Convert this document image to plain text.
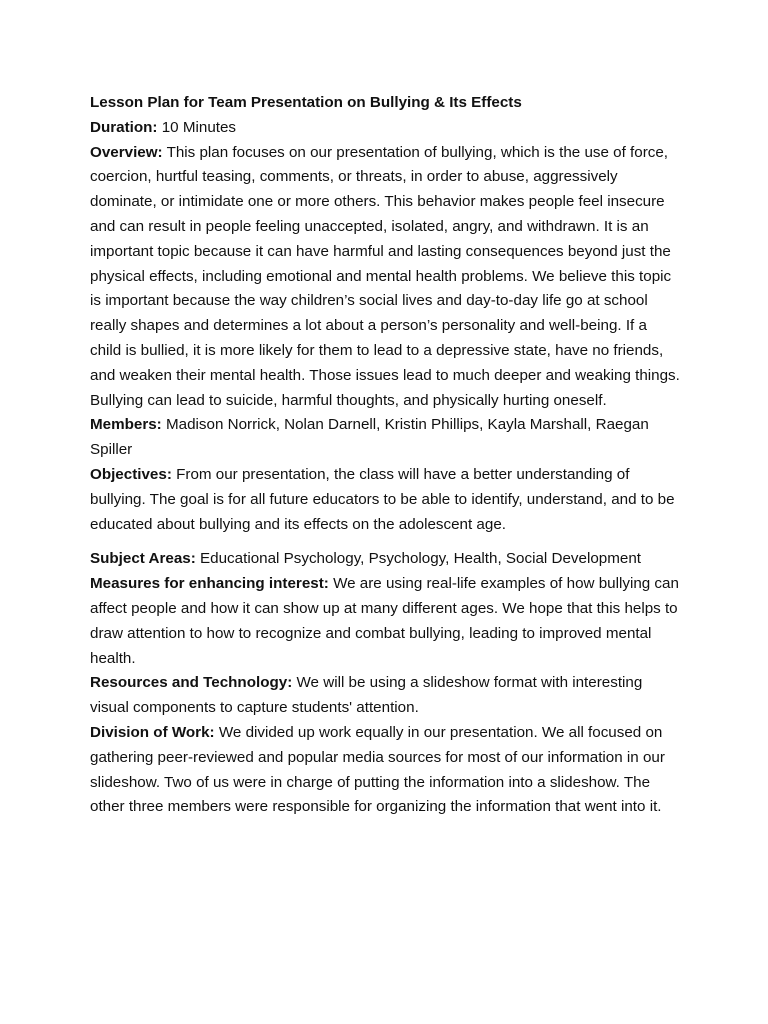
Lesson Plan for Team Presentation on Bullying & Its Effects

Duration: 10 Minutes

Overview: This plan focuses on our presentation of bullying, which is the use of force, coercion, hurtful teasing, comments, or threats, in order to abuse, aggressively dominate, or intimidate one or more others. This behavior makes people feel insecure and can result in people feeling unaccepted, isolated, angry, and withdrawn. It is an important topic because it can have harmful and lasting consequences beyond just the physical effects, including emotional and mental health problems. We believe this topic is important because the way children’s social lives and day-to-day life go at school really shapes and determines a lot about a person’s personality and well-being. If a child is bullied, it is more likely for them to lead to a depressive state, have no friends, and weaken their mental health. Those issues lead to much deeper and weaking things. Bullying can lead to suicide, harmful thoughts, and physically hurting oneself.

Members: Madison Norrick, Nolan Darnell, Kristin Phillips, Kayla Marshall, Raegan Spiller

Objectives: From our presentation, the class will have a better understanding of bullying. The goal is for all future educators to be able to identify, understand, and to be educated about bullying and its effects on the adolescent age.

Subject Areas: Educational Psychology, Psychology, Health, Social Development

Measures for enhancing interest: We are using real-life examples of how bullying can affect people and how it can show up at many different ages. We hope that this helps to draw attention to how to recognize and combat bullying, leading to improved mental health.

Resources and Technology: We will be using a slideshow format with interesting visual components to capture students' attention.

Division of Work: We divided up work equally in our presentation. We all focused on gathering peer-reviewed and popular media sources for most of our information in our slideshow. Two of us were in charge of putting the information into a slideshow. The other three members were responsible for organizing the information that went into it.
